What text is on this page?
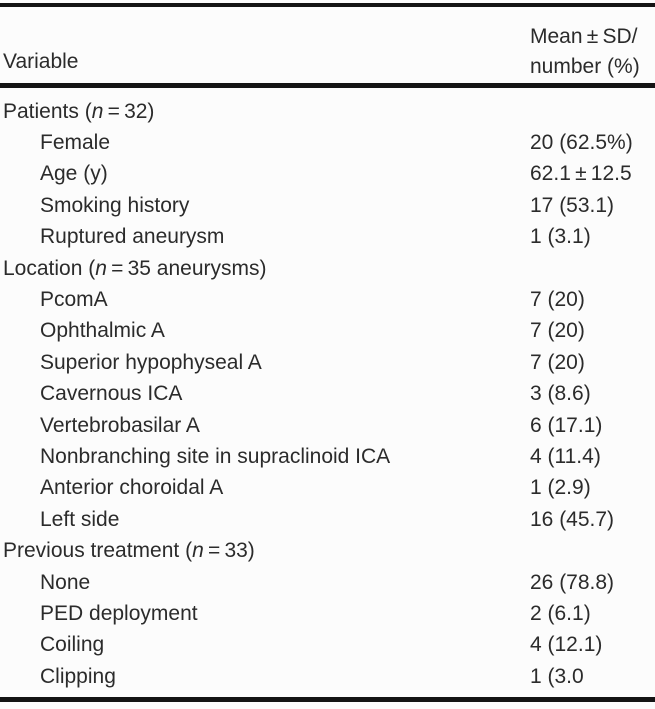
Variable
Mean ± SD/
number (%)
Patients (n = 32)
Female	20 (62.5%)
Age (y)	62.1 ± 12.5
Smoking history	17 (53.1)
Ruptured aneurysm	1 (3.1)
Location (n = 35 aneurysms)
PcomA	7 (20)
Ophthalmic A	7 (20)
Superior hypophyseal A	7 (20)
Cavernous ICA	3 (8.6)
Vertebrobasilar A	6 (17.1)
Nonbranching site in supraclinoid ICA	4 (11.4)
Anterior choroidal A	1 (2.9)
Left side	16 (45.7)
Previous treatment (n = 33)
None	26 (78.8)
PED deployment	2 (6.1)
Coiling	4 (12.1)
Clipping	1 (3.0
